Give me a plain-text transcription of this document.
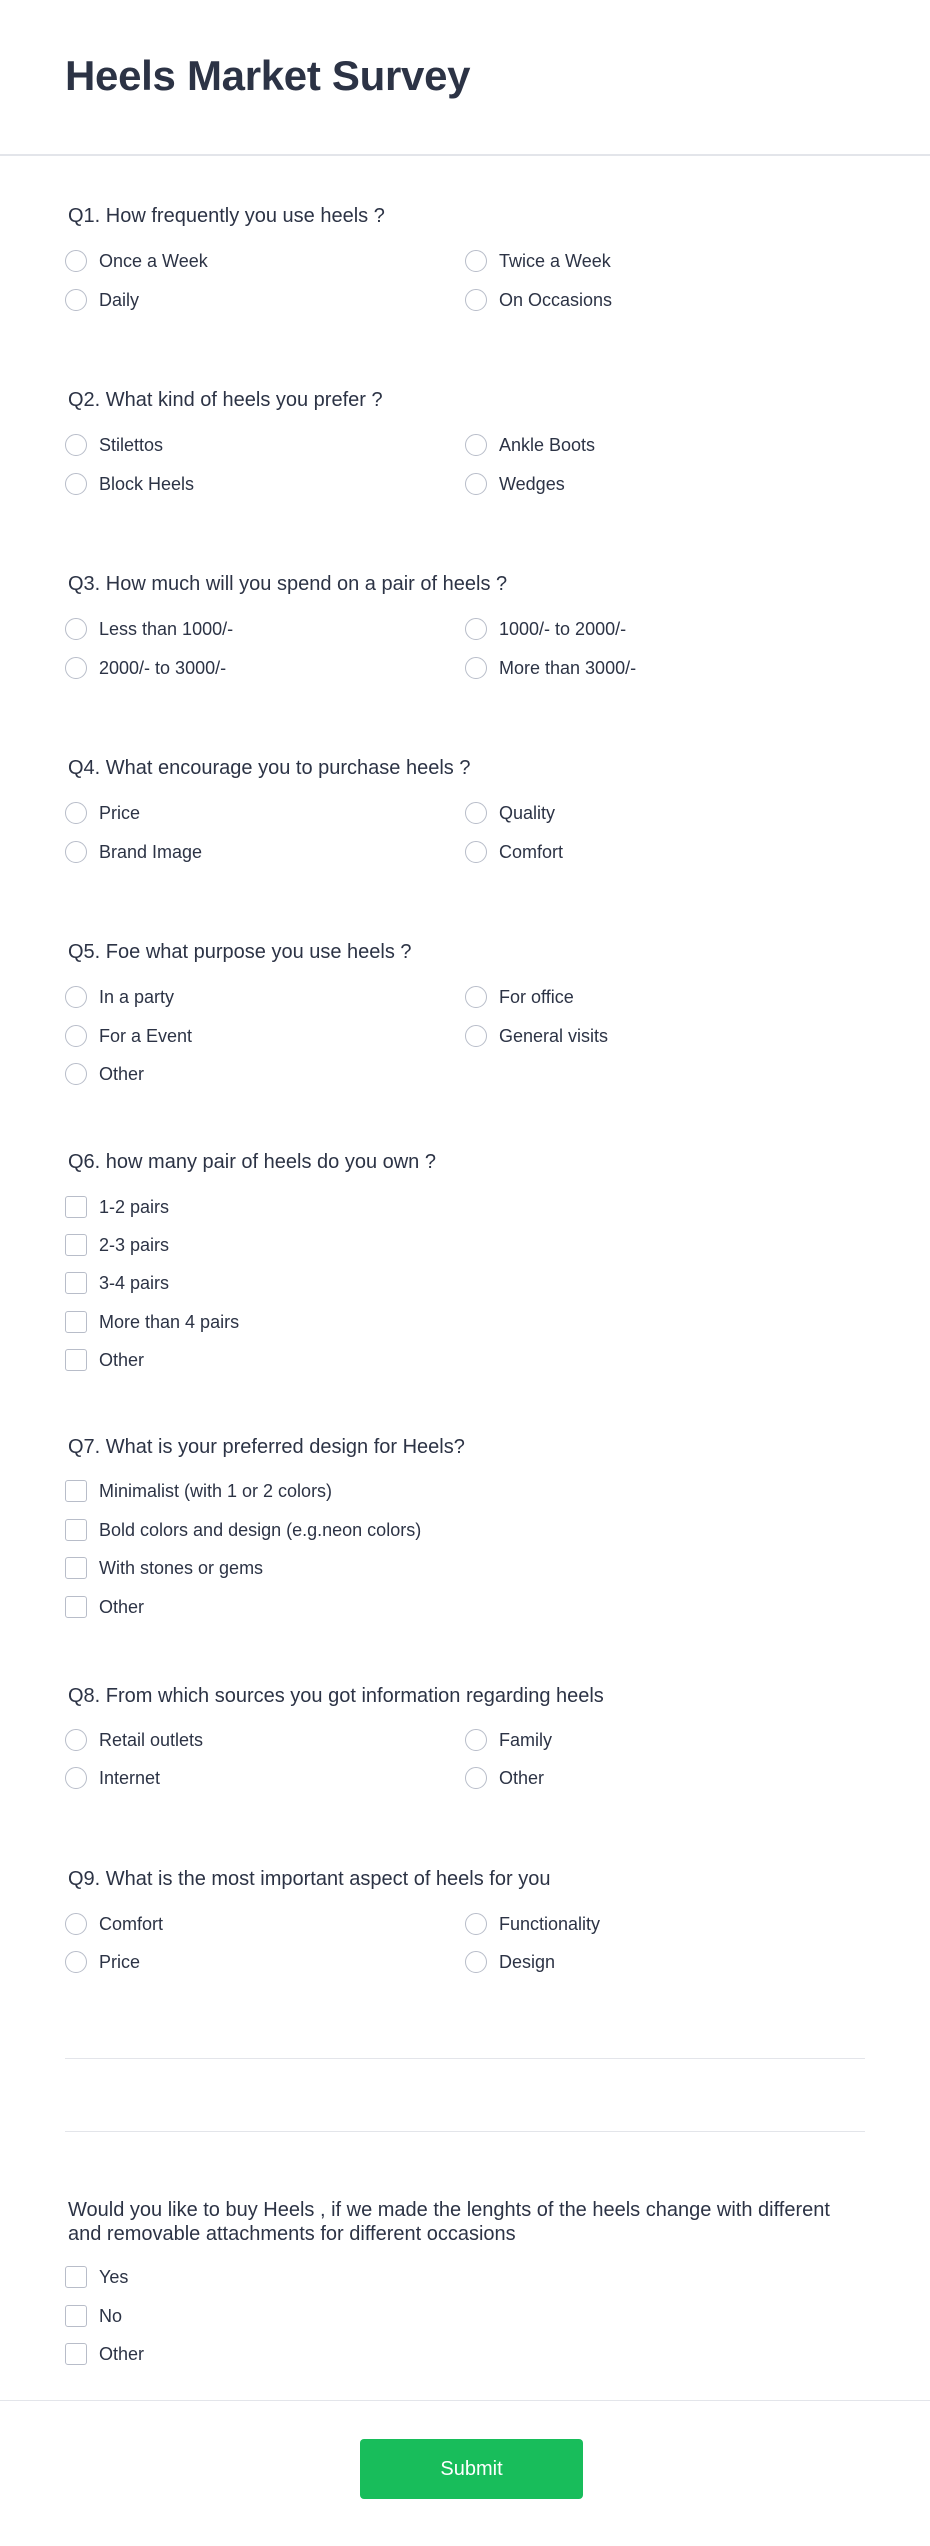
Heels Market Survey

Q1. How frequently you use heels ?

Once a Week	Twice a Week
Daily	On Occasions

Q2. What kind of heels you prefer ?

Stilettos	Ankle Boots
Block Heels	Wedges

Q3. How much will you spend on a pair of heels ?

Less than 1000/-	1000/- to 2000/-
2000/- to 3000/-	More than 3000/-

Q4. What encourage you to purchase heels ?

Price	Quality
Brand Image	Comfort

Q5. Foe what purpose you use heels ?

In a party	For office
For a Event	General visits
Other

Q6. how many pair of heels do you own ?

1-2 pairs
2-3 pairs
3-4 pairs
More than 4 pairs
Other

Q7. What is your preferred design for Heels?

Minimalist (with 1 or 2 colors)
Bold colors and design (e.g.neon colors)
With stones or gems
Other

Q8. From which sources you got information regarding heels

Retail outlets	Family
Internet	Other

Q9. What is the most important aspect of heels for you

Comfort	Functionality
Price	Design

Would you like to buy Heels , if we made the lenghts of the heels change with different and removable attachments for different occasions

Yes
No
Other
Submit
